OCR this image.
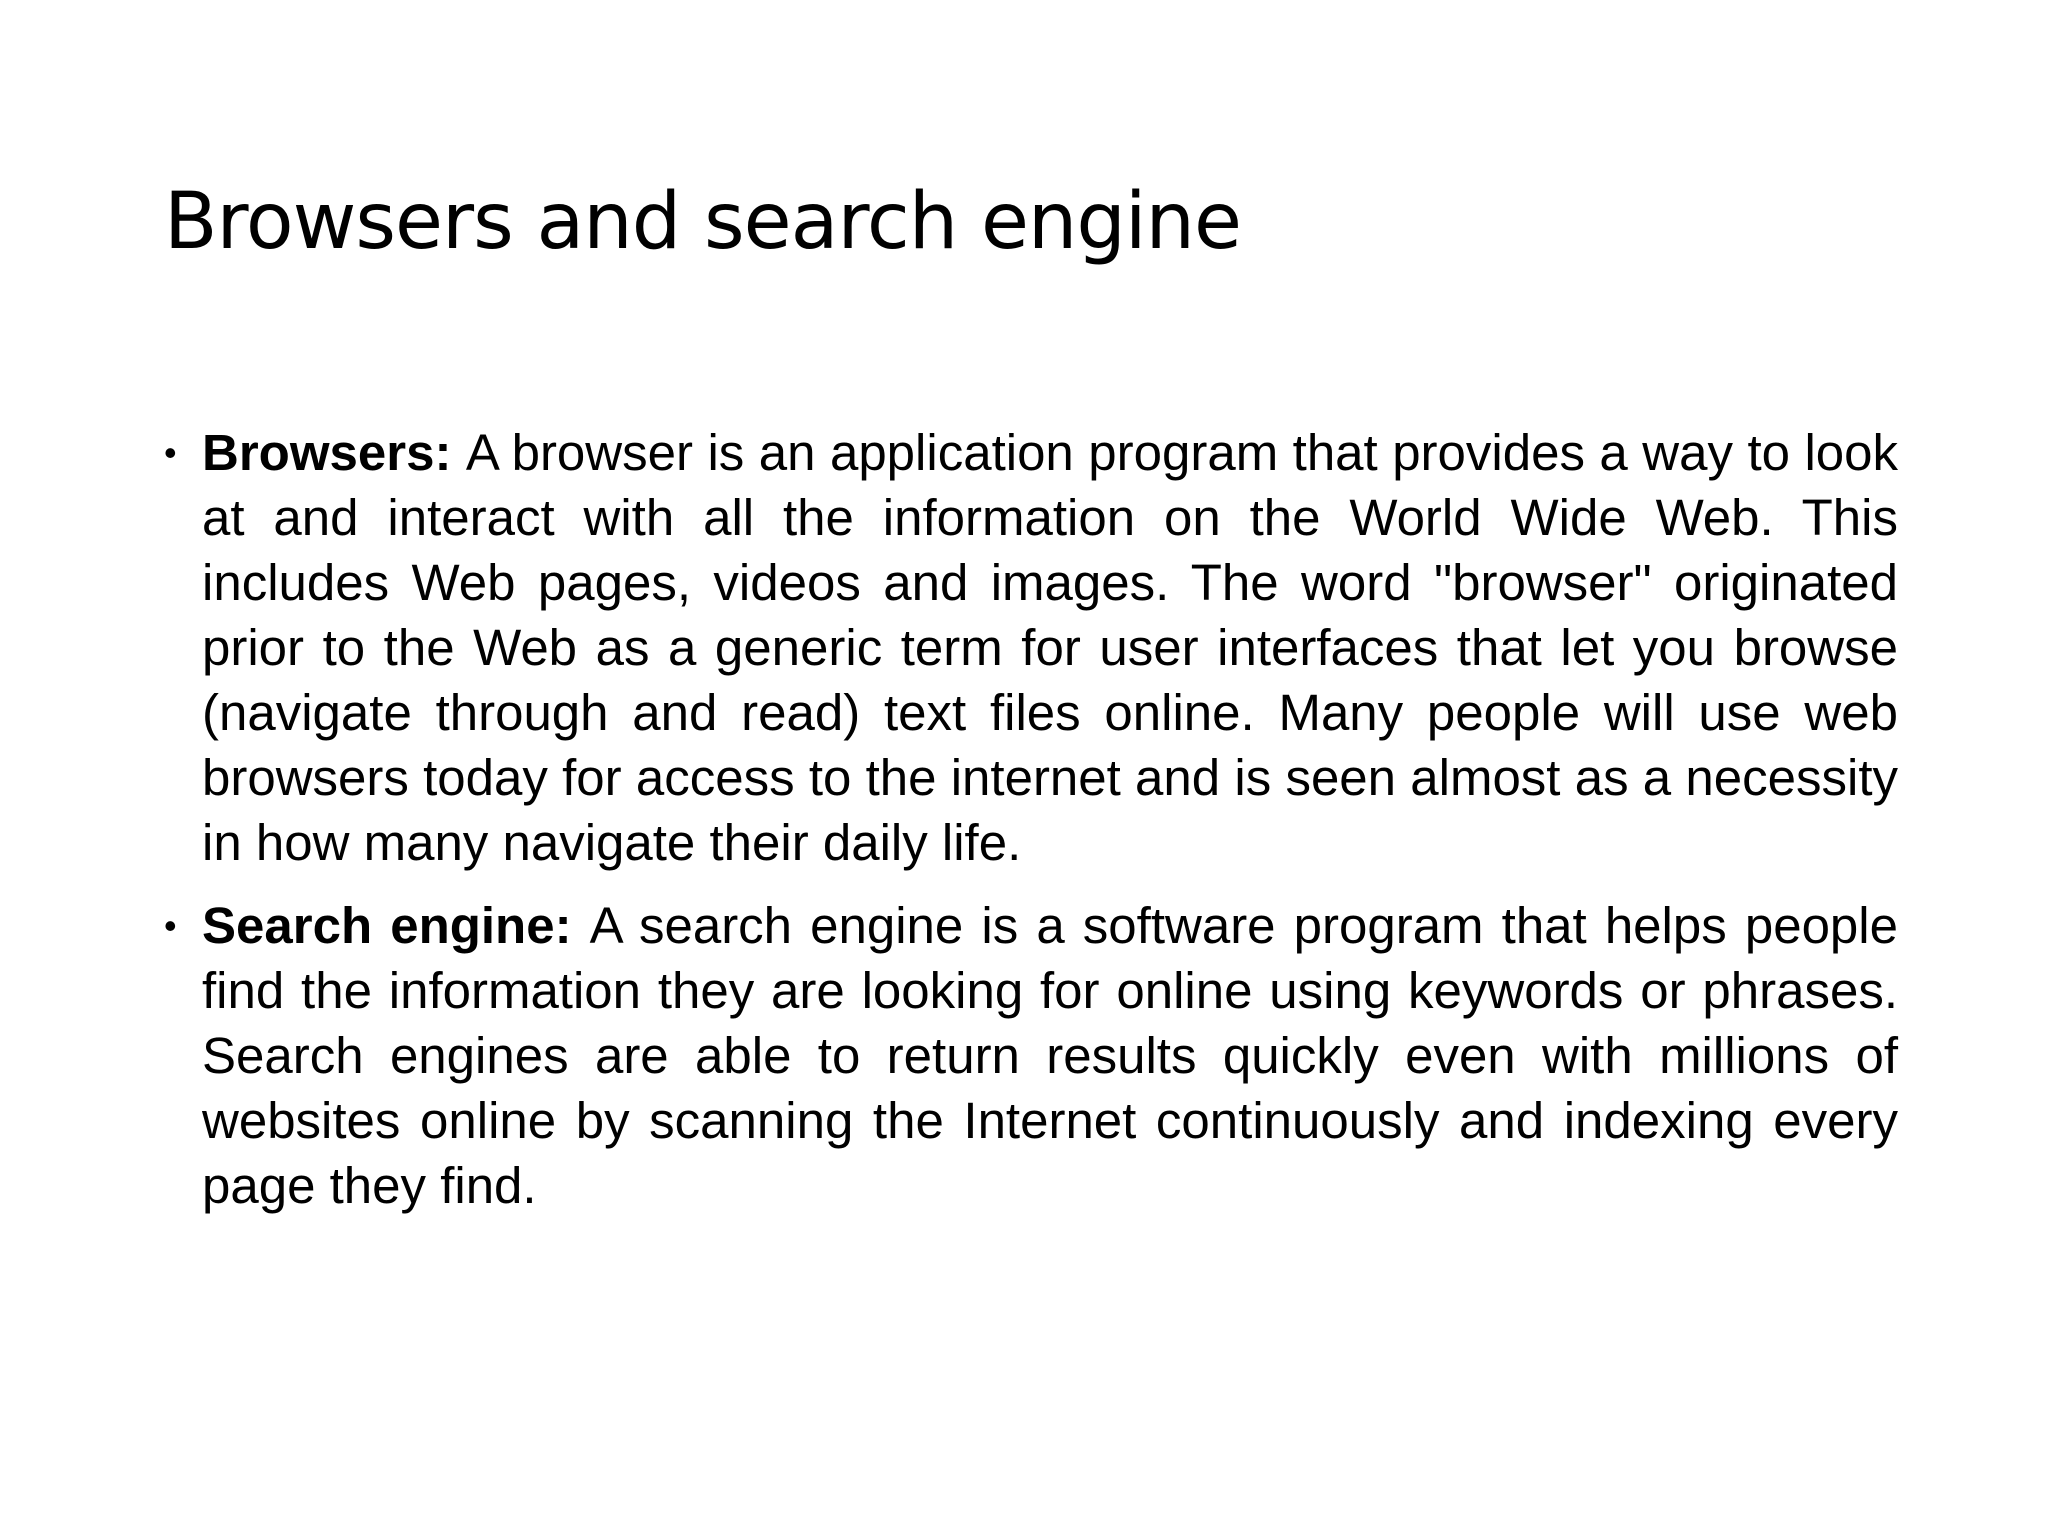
Browsers and search engine
• Browsers: A browser is an application program that provides a way to look at and interact with all the information on the World Wide Web. This includes Web pages, videos and images. The word "browser" originated prior to the Web as a generic term for user interfaces that let you browse (navigate through and read) text files online. Many people will use web browsers today for access to the internet and is seen almost as a necessity in how many navigate their daily life.
• Search engine: A search engine is a software program that helps people find the information they are looking for online using keywords or phrases. Search engines are able to return results quickly even with millions of websites online by scanning the Internet continuously and indexing every page they find.
